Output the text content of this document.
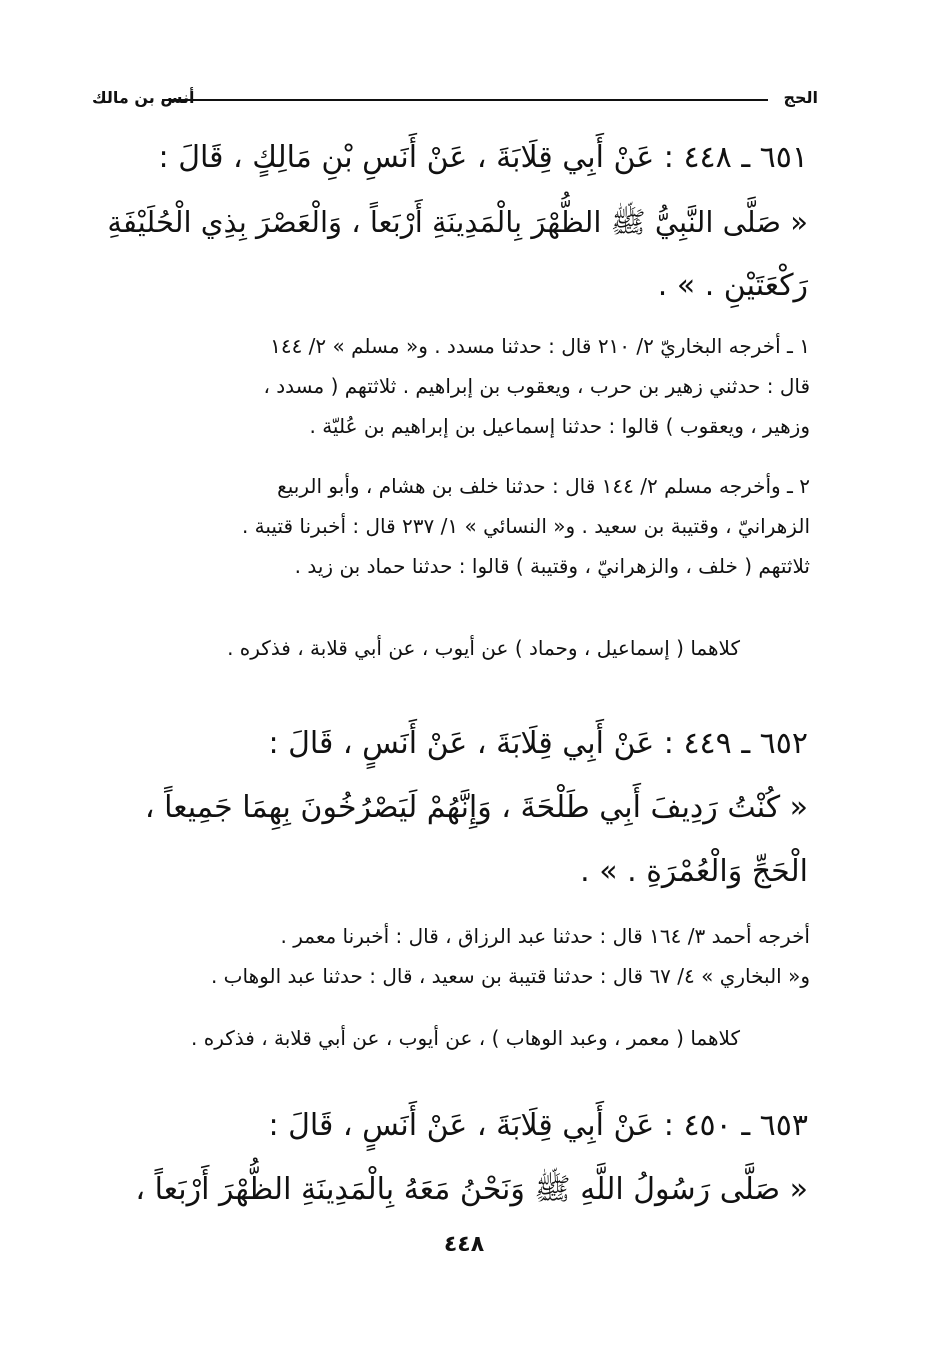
الحج
أنس بن مالك
٦٥١ ـ ٤٤٨ : عَنْ أَبِي قِلَابَةَ ، عَنْ أَنَسِ بْنِ مَالِكٍ ، قَالَ :
« صَلَّى النَّبِيُّ ﷺ الظُّهْرَ بِالْمَدِينَةِ أَرْبَعاً ، وَالْعَصْرَ بِذِي الْحُلَيْفَةِ
رَكْعَتَيْنِ . » .
١ ـ أخرجه البخاريّ ٢/ ٢١٠ قال : حدثنا مسدد . و« مسلم » ٢/ ١٤٤
قال : حدثني زهير بن حرب ، ويعقوب بن إبراهيم . ثلاثتهم ( مسدد ،
وزهير ، ويعقوب ) قالوا : حدثنا إسماعيل بن إبراهيم بن عُليّة .
٢ ـ وأخرجه مسلم ٢/ ١٤٤ قال : حدثنا خلف بن هشام ، وأبو الربيع
الزهرانيّ ، وقتيبة بن سعيد . و« النسائي » ١/ ٢٣٧ قال : أخبرنا قتيبة .
ثلاثتهم ( خلف ، والزهرانيّ ، وقتيبة ) قالوا : حدثنا حماد بن زيد .
كلاهما ( إسماعيل ، وحماد ) عن أيوب ، عن أبي قلابة ، فذكره .
٦٥٢ ـ ٤٤٩ : عَنْ أَبِي قِلَابَةَ ، عَنْ أَنَسٍ ، قَالَ :
« كُنْتُ رَدِيفَ أَبِي طَلْحَةَ ، وَإِنَّهُمْ لَيَصْرُخُونَ بِهِمَا جَمِيعاً ،
الْحَجِّ وَالْعُمْرَةِ . » .
أخرجه أحمد ٣/ ١٦٤ قال : حدثنا عبد الرزاق ، قال : أخبرنا معمر .
و« البخاري » ٤/ ٦٧ قال : حدثنا قتيبة بن سعيد ، قال : حدثنا عبد الوهاب .
كلاهما ( معمر ، وعبد الوهاب ) ، عن أيوب ، عن أبي قلابة ، فذكره .
٦٥٣ ـ ٤٥٠ : عَنْ أَبِي قِلَابَةَ ، عَنْ أَنَسٍ ، قَالَ :
« صَلَّى رَسُولُ اللَّهِ ﷺ وَنَحْنُ مَعَهُ بِالْمَدِينَةِ الظُّهْرَ أَرْبَعاً ،
٤٤٨
